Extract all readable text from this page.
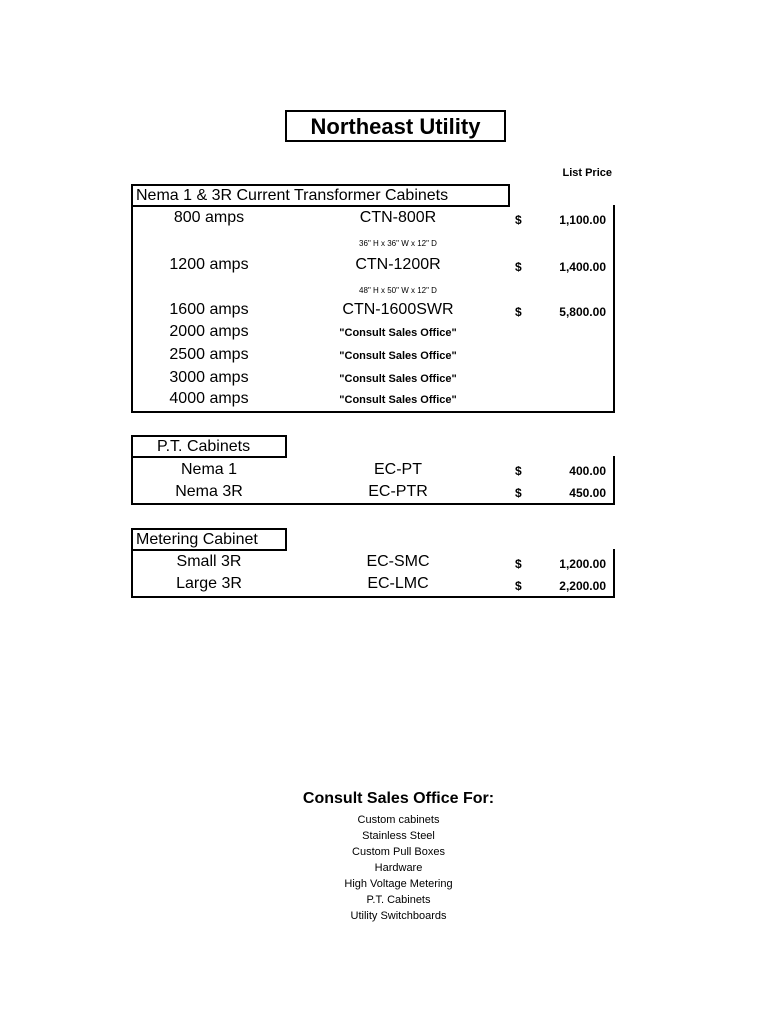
Northeast Utility
List Price
Nema 1 & 3R Current Transformer Cabinets
800 amps	CTN-800R	$	1,100.00
36" H x 36" W x 12" D
1200 amps	CTN-1200R	$	1,400.00
48" H x 50" W x 12" D
1600 amps	CTN-1600SWR	$	5,800.00
2000 amps	"Consult Sales Office"
2500 amps	"Consult Sales Office"
3000 amps	"Consult Sales Office"
4000 amps	"Consult Sales Office"
P.T. Cabinets
Nema 1	EC-PT	$	400.00
Nema 3R	EC-PTR	$	450.00
Metering Cabinet
Small 3R	EC-SMC	$	1,200.00
Large 3R	EC-LMC	$	2,200.00
Consult Sales Office For:
Custom cabinets
Stainless Steel
Custom Pull Boxes
Hardware
High Voltage Metering
P.T. Cabinets
Utility Switchboards
